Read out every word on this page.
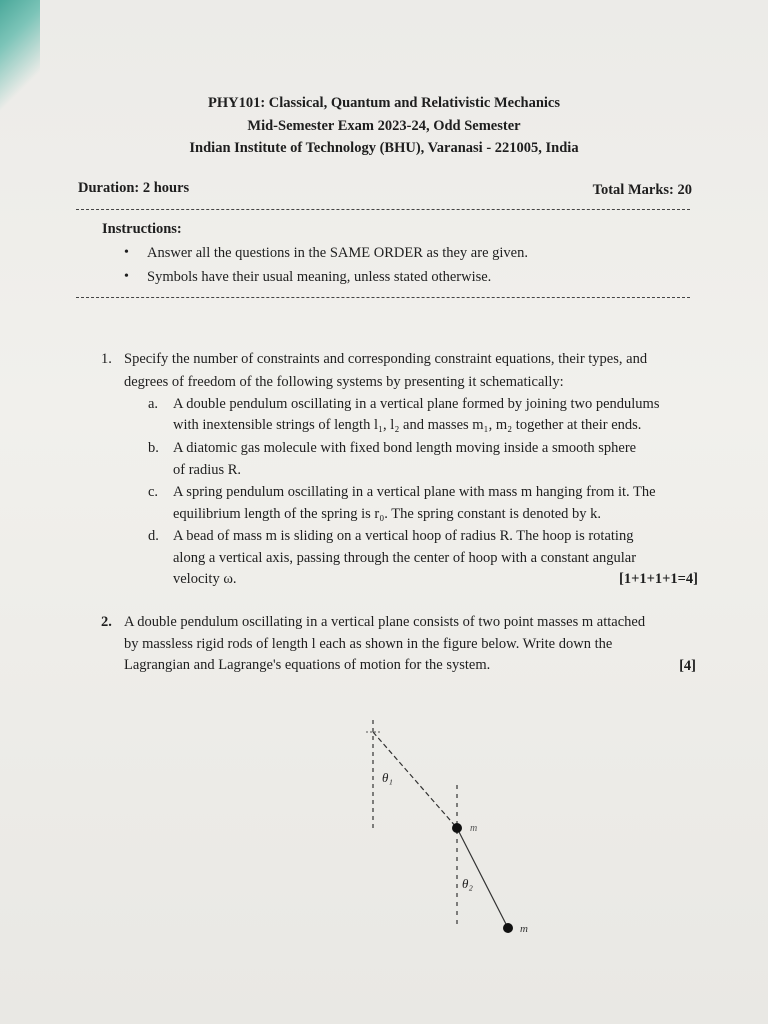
PHY101: Classical, Quantum and Relativistic Mechanics
Mid-Semester Exam 2023-24, Odd Semester
Indian Institute of Technology (BHU), Varanasi - 221005, India
Duration: 2 hours	Total Marks: 20
Instructions:
• Answer all the questions in the SAME ORDER as they are given.
• Symbols have their usual meaning, unless stated otherwise.
1. Specify the number of constraints and corresponding constraint equations, their types, and
degrees of freedom of the following systems by presenting it schematically:
a. A double pendulum oscillating in a vertical plane formed by joining two pendulums
with inextensible strings of length l₁, l₂ and masses m₁, m₂ together at their ends.
b. A diatomic gas molecule with fixed bond length moving inside a smooth sphere
of radius R.
c. A spring pendulum oscillating in a vertical plane with mass m hanging from it. The
equilibrium length of the spring is r₀. The spring constant is denoted by k.
d. A bead of mass m is sliding on a vertical hoop of radius R. The hoop is rotating
along a vertical axis, passing through the center of hoop with a constant angular
velocity ω.	[1+1+1+1=4]
2. A double pendulum oscillating in a vertical plane consists of two point masses m attached
by massless rigid rods of length l each as shown in the figure below. Write down the
Lagrangian and Lagrange's equations of motion for the system.	[4]
θ₁
θ₂
m
m
